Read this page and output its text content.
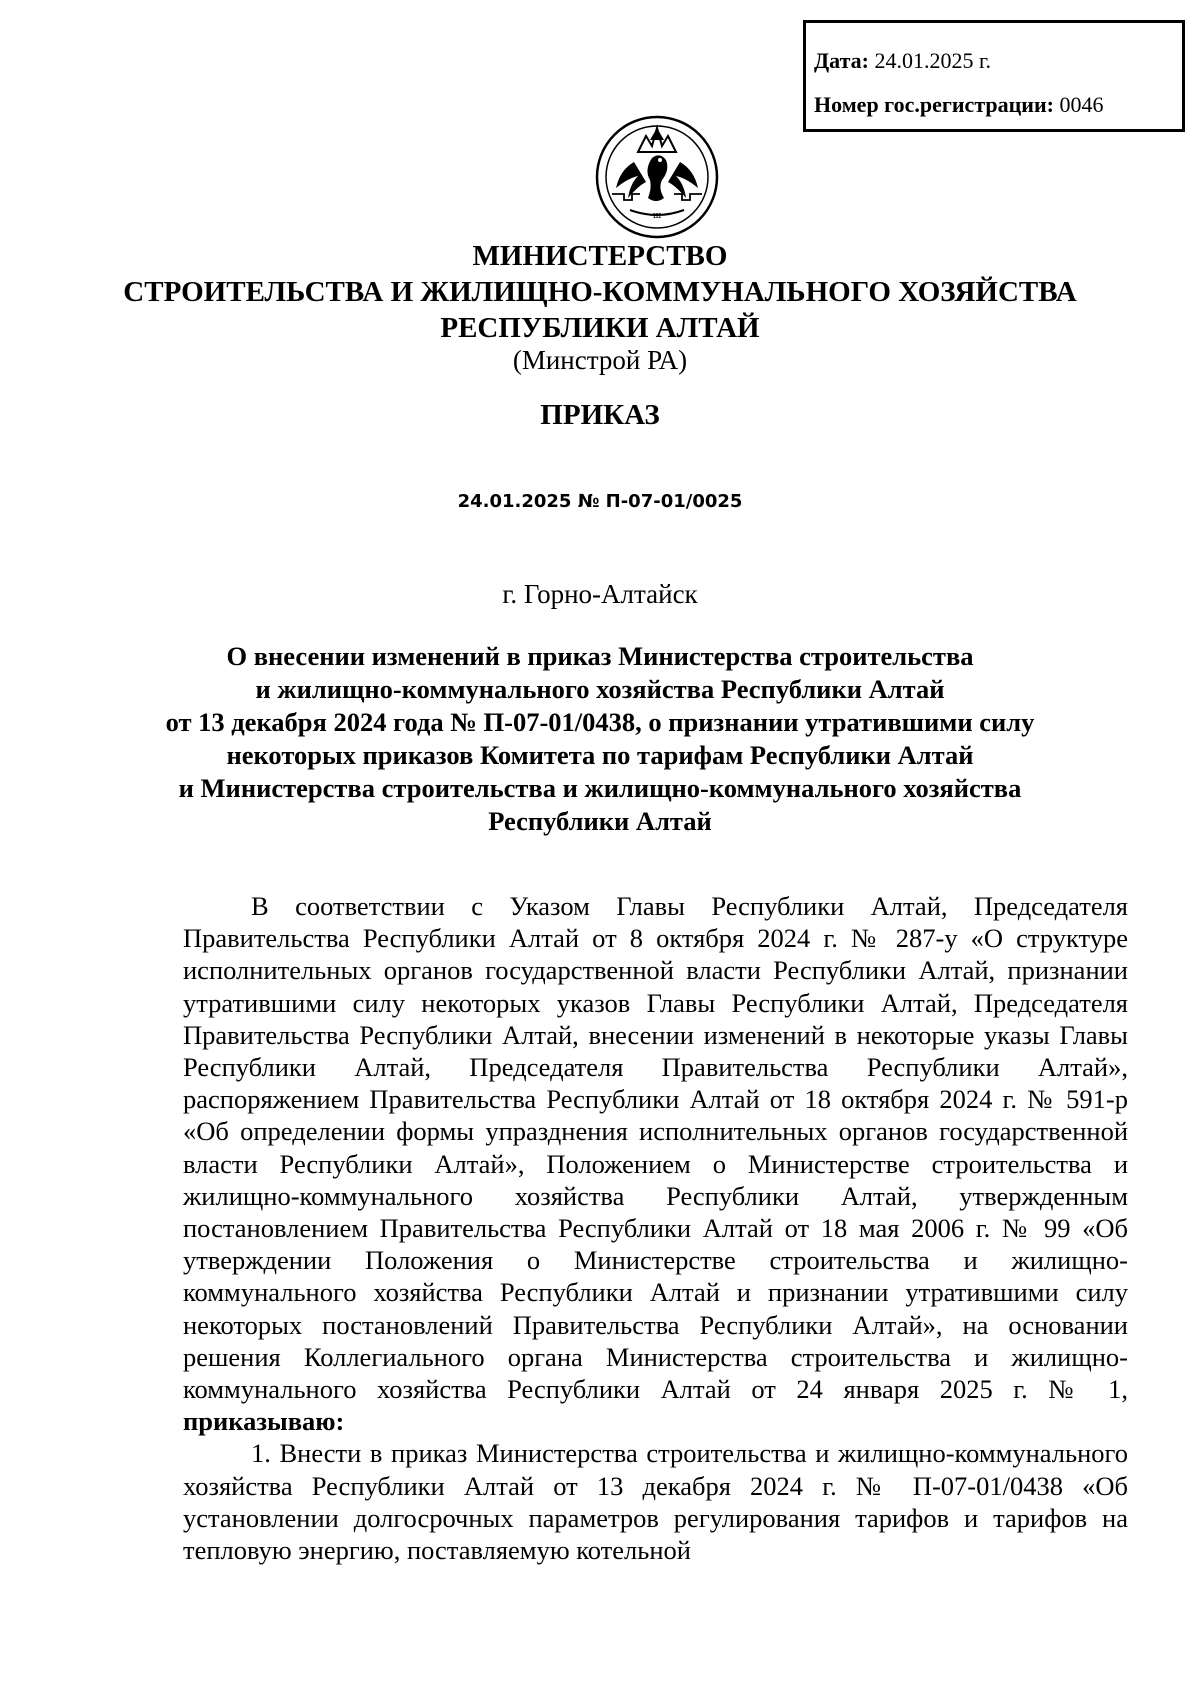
Дата: 24.01.2025 г.
Номер гос.регистрации: 0046
ш
МИНИСТЕРСТВО
СТРОИТЕЛЬСТВА И ЖИЛИЩНО-КОММУНАЛЬНОГО ХОЗЯЙСТВА
РЕСПУБЛИКИ АЛТАЙ
(Минстрой РА)
ПРИКАЗ
24.01.2025 № П-07-01/0025
г. Горно-Алтайск
О внесении изменений в приказ Министерства строительства
и жилищно-коммунального хозяйства Республики Алтай
от 13 декабря 2024 года № П-07-01/0438, о признании утратившими силу
некоторых приказов Комитета по тарифам Республики Алтай
и Министерства строительства и жилищно-коммунального хозяйства
Республики Алтай

В соответствии с Указом Главы Республики Алтай, Председателя Правительства Республики Алтай от 8 октября 2024 г. № 287-у «О структуре исполнительных органов государственной власти Республики Алтай, признании утратившими силу некоторых указов Главы Республики Алтай, Председателя Правительства Республики Алтай, внесении изменений в некоторые указы Главы Республики Алтай, Председателя Правительства Республики Алтай», распоряжением Правительства Республики Алтай от 18 октября 2024 г. № 591-р «Об определении формы упразднения исполнительных органов государственной власти Республики Алтай», Положением о Министерстве строительства и жилищно-коммунального хозяйства Республики Алтай, утвержденным постановлением Правительства Республики Алтай от 18 мая 2006 г. № 99 «Об утверждении Положения о Министерстве строительства и жилищно-коммунального хозяйства Республики Алтай и признании утратившими силу некоторых постановлений Правительства Республики Алтай», на основании решения Коллегиального органа Министерства строительства и жилищно-коммунального хозяйства Республики Алтай от 24 января 2025 г. № 1, приказываю:

1. Внести в приказ Министерства строительства и жилищно-коммунального хозяйства Республики Алтай от 13 декабря 2024 г. № П-07-01/0438 «Об установлении долгосрочных параметров регулирования тарифов и тарифов на тепловую энергию, поставляемую котельной
